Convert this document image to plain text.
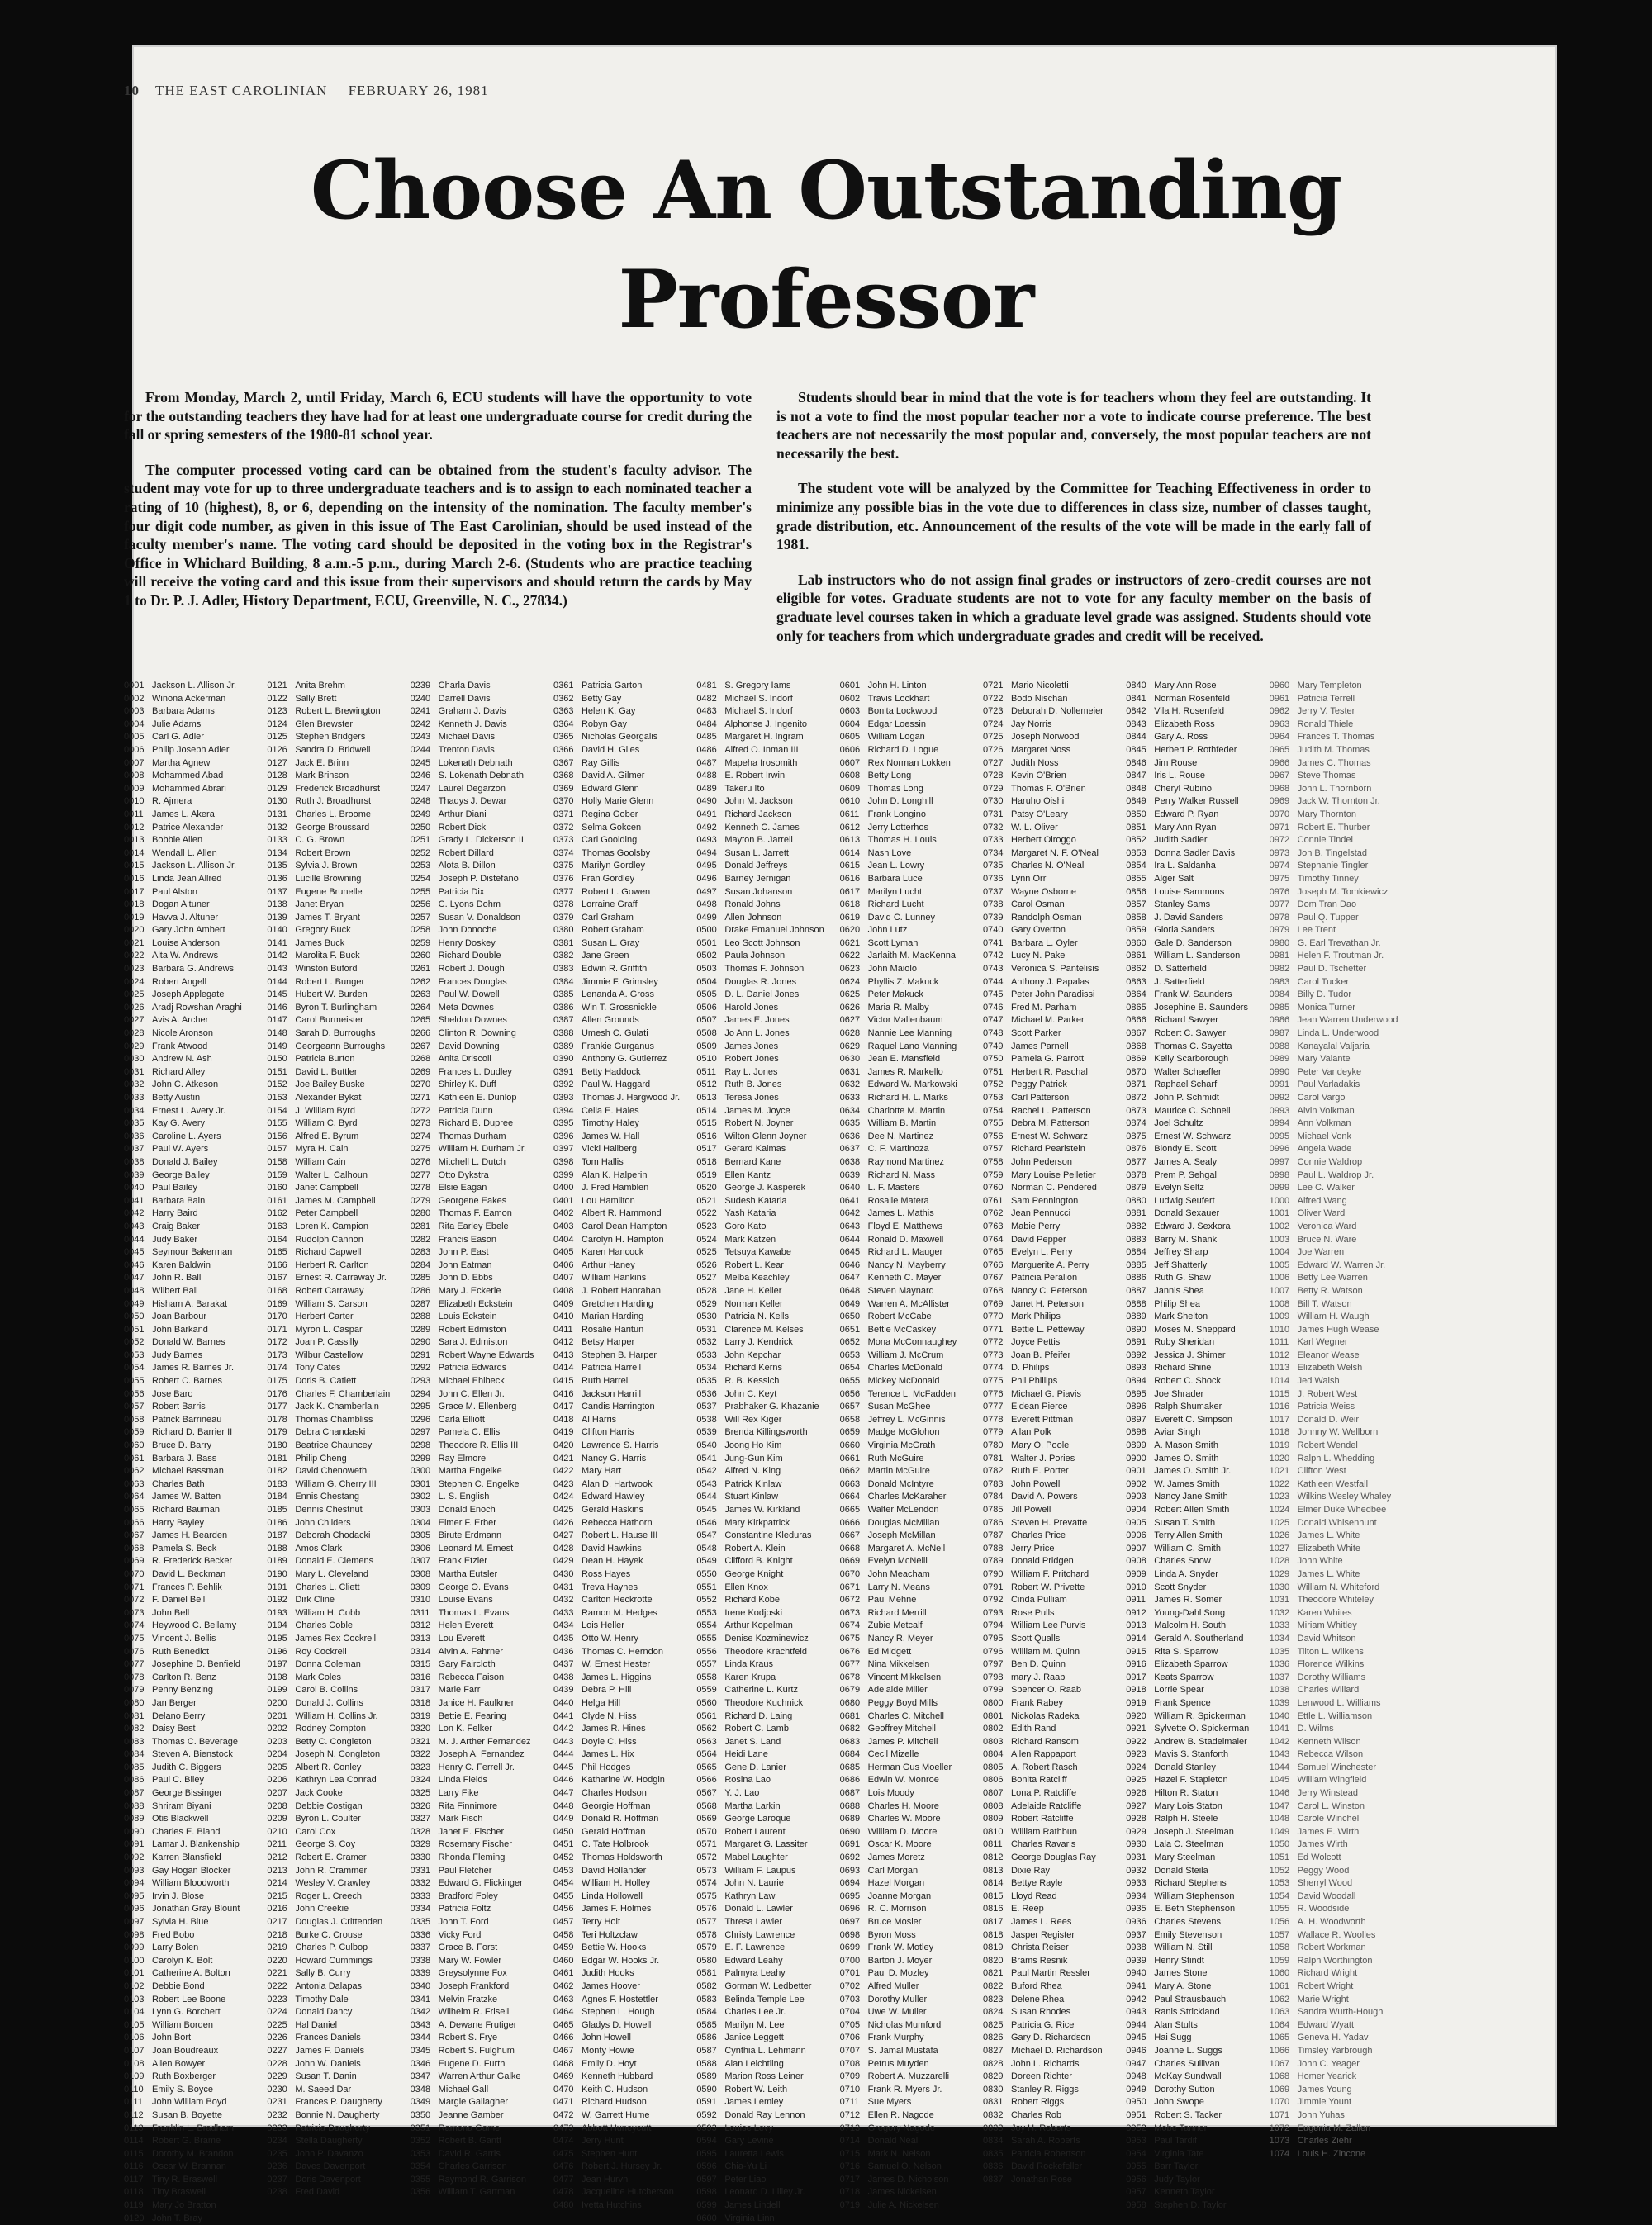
10 THE EAST CAROLINIAN FEBRUARY 26, 1981
Choose An Outstanding
Professor

From Monday, March 2, until Friday, March 6, ECU students will have the opportunity to vote for the outstanding teachers they have had for at least one undergraduate course for credit during the fall or spring semesters of the 1980-81 school year.

The computer processed voting card can be obtained from the student's faculty advisor. The student may vote for up to three undergraduate teachers and is to assign to each nominated teacher a rating of 10 (highest), 8, or 6, depending on the intensity of the nomination. The faculty member's four digit code number, as given in this issue of The East Carolinian, should be used instead of the faculty member's name. The voting card should be deposited in the voting box in the Registrar's Office in Whichard Building, 8 a.m.-5 p.m., during March 2-6. (Students who are practice teaching will receive the voting card and this issue from their supervisors and should return the cards by May 1 to Dr. P. J. Adler, History Department, ECU, Greenville, N. C., 27834.)

Students should bear in mind that the vote is for teachers whom they feel are outstanding. It is not a vote to find the most popular teacher nor a vote to indicate course preference. The best teachers are not necessarily the most popular and, conversely, the most popular teachers are not necessarily the best.

The student vote will be analyzed by the Committee for Teaching Effectiveness in order to minimize any possible bias in the vote due to differences in class size, number of classes taught, grade distribution, etc. Announcement of the results of the vote will be made in the early fall of 1981.

Lab instructors who do not assign final grades or instructors of zero-credit courses are not eligible for votes. Graduate students are not to vote for any faculty member on the basis of graduate level courses taken in which a graduate level grade was assigned. Students should vote only for teachers from which undergraduate grades and credit will be received.

0001 Jackson L. Allison Jr.
0002 Winona Ackerman
0003 Barbara Adams
0004 Julie Adams
0005 Carl G. Adler
0006 Philip Joseph Adler
0007 Martha Agnew
0008 Mohammed Abad
0009 Mohammed Abrari
0010 R. Ajmera
0011 James L. Akera
0012 Patrice Alexander
0013 Bobbie Allen
0014 Wendall L. Allen
0015 Jackson L. Allison Jr.
0016 Linda Jean Allred
0017 Paul Alston
0018 Dogan Altuner
0019 Havva J. Altuner
0020 Gary John Ambert
0021 Louise Anderson
0022 Alta W. Andrews
0023 Barbara G. Andrews
0024 Robert Angell
0025 Joseph Applegate
0026 Aradj Rowshan Araghi
0027 Avis A. Archer
0028 Nicole Aronson
0029 Frank Atwood
0030 Andrew N. Ash
0031 Richard Alley
0032 John C. Atkeson
0033 Betty Austin
0034 Ernest L. Avery Jr.
0035 Kay G. Avery
0036 Caroline L. Ayers
0037 Paul W. Ayers
0038 Donald J. Bailey
0039 George Bailey
0040 Paul Bailey
0041 Barbara Bain
0042 Harry Baird
0043 Craig Baker
0044 Judy Baker
0045 Seymour Bakerman
0046 Karen Baldwin
0047 John R. Ball
0048 Wilbert Ball
0049 Hisham A. Barakat
0050 Joan Barbour
0051 John Barkand
0052 Donald W. Barnes
0053 Judy Barnes
0054 James R. Barnes Jr.
0055 Robert C. Barnes
0056 Jose Baro
0057 Robert Barris
0058 Patrick Barrineau
0059 Richard D. Barrier II
0060 Bruce D. Barry
0061 Barbara J. Bass
0062 Michael Bassman
0063 Charles Bath
0064 James W. Batten
0065 Richard Bauman
0066 Harry Bayley
0067 James H. Bearden
0068 Pamela S. Beck
0069 R. Frederick Becker
0070 David L. Beckman
0071 Frances P. Behlik
0072 F. Daniel Bell
0073 John Bell
0074 Heywood C. Bellamy
0075 Vincent J. Bellis
0076 Ruth Benedict
0077 Josephine D. Benfield
0078 Carlton R. Benz
0079 Penny Benzing
0080 Jan Berger
0081 Delano Berry
0082 Daisy Best
0083 Thomas C. Beverage
0084 Steven A. Bienstock
0085 Judith C. Biggers
0086 Paul C. Biley
0087 George Bissinger
0088 Shriram Biyani
0089 Otis Blackwell
0090 Charles E. Bland
0091 Lamar J. Blankenship
0092 Karren Blansfield
0093 Gay Hogan Blocker
0094 William Bloodworth
0095 Irvin J. Blose
0096 Jonathan Gray Blount
0097 Sylvia H. Blue
0098 Fred Bobo
0099 Larry Bolen
0100 Carolyn K. Bolt
0101 Catherine A. Bolton
0102 Debbie Bond
0103 Robert Lee Boone
0104 Lynn G. Borchert
0105 William Borden
0106 John Bort
0107 Joan Boudreaux
0108 Allen Bowyer
0109 Ruth Boxberger
0110 Emily S. Boyce
0111 John William Boyd
0112 Susan B. Boyette
0113 Franklin L. Bradham
0114 Robert G. Brame
0115 Dorothy M. Brandon
0116 Oscar W. Brannan
0117 Tiny R. Braswell
0118 Tiny Braswell
0119 Mary Jo Bratton
0120 John T. Bray
0121 Anita Brehm
0122 Sally Brett
0123 Robert L. Brewington
0124 Glen Brewster
0125 Stephen Bridgers
0126 Sandra D. Bridwell
0127 Jack E. Brinn
0128 Mark Brinson
0129 Frederick Broadhurst
0130 Ruth J. Broadhurst
0131 Charles L. Broome
0132 George Broussard
0133 C. G. Brown
0134 Robert Brown
0135 Sylvia J. Brown
0136 Lucille Browning
0137 Eugene Brunelle
0138 Janet Bryan
0139 James T. Bryant
0140 Gregory Buck
0141 James Buck
0142 Marolita F. Buck
0143 Winston Buford
0144 Robert L. Bunger
0145 Hubert W. Burden
0146 Byron T. Burlingham
0147 Carol Burmeister
0148 Sarah D. Burroughs
0149 Georgeann Burroughs
0150 Patricia Burton
0151 David L. Buttler
0152 Joe Bailey Buske
0153 Alexander Bykat
0154 J. William Byrd
0155 William C. Byrd
0156 Alfred E. Byrum
0157 Myra H. Cain
0158 William Cain
0159 Walter L. Calhoun
0160 Janet Campbell
0161 James M. Campbell
0162 Peter Campbell
0163 Loren K. Campion
0164 Rudolph Cannon
0165 Richard Capwell
0166 Herbert R. Carlton
0167 Ernest R. Carraway Jr.
0168 Robert Carraway
0169 William S. Carson
0170 Herbert Carter
0171 Myron L. Caspar
0172 Joan P. Cassilly
0173 Wilbur Castellow
0174 Tony Cates
0175 Doris B. Catlett
0176 Charles F. Chamberlain
0177 Jack K. Chamberlain
0178 Thomas Chambliss
0179 Debra Chandaski
0180 Beatrice Chauncey
0181 Philip Cheng
0182 David Chenoweth
0183 William G. Cherry III
0184 Ennis Chestang
0185 Dennis Chestnut
0186 John Childers
0187 Deborah Chodacki
0188 Amos Clark
0189 Donald E. Clemens
0190 Mary L. Cleveland
0191 Charles L. Cliett
0192 Dirk Cline
0193 William H. Cobb
0194 Charles Coble
0195 James Rex Cockrell
0196 Roy Cockrell
0197 Donna Coleman
0198 Mark Coles
0199 Carol B. Collins
0200 Donald J. Collins
0201 William H. Collins Jr.
0202 Rodney Compton
0203 Betty C. Congleton
0204 Joseph N. Congleton
0205 Albert R. Conley
0206 Kathryn Lea Conrad
0207 Jack Cooke
0208 Debbie Costigan
0209 Byron L. Coulter
0210 Carol Cox
0211 George S. Coy
0212 Robert E. Cramer
0213 John R. Crammer
0214 Wesley V. Crawley
0215 Roger L. Creech
0216 John Creekie
0217 Douglas J. Crittenden
0218 Burke C. Crouse
0219 Charles P. Culbop
0220 Howard Cummings
0221 Sally B. Curry
0222 Antonia Dalapas
0223 Timothy Dale
0224 Donald Dancy
0225 Hal Daniel
0226 Frances Daniels
0227 James F. Daniels
0228 John W. Daniels
0229 Susan T. Danin
0230 M. Saeed Dar
0231 Frances P. Daugherty
0232 Bonnie N. Daugherty
0233 Patricia Daugherty
0234 Stella Daugherty
0235 John P. Davanzo
0236 Daves Davenport
0237 Doris Davenport
0238 Fred David
0239 Charla Davis
0240 Darrell Davis
0241 Graham J. Davis
0242 Kenneth J. Davis
0243 Michael Davis
0244 Trenton Davis
0245 Lokenath Debnath
0246 S. Lokenath Debnath
0247 Laurel Degarzon
0248 Thadys J. Dewar
0249 Arthur Diani
0250 Robert Dick
0251 Grady L. Dickerson II
0252 Robert Dillard
0253 Alota B. Dillon
0254 Joseph P. Distefano
0255 Patricia Dix
0256 C. Lyons Dohm
0257 Susan V. Donaldson
0258 John Donoche
0259 Henry Doskey
0260 Richard Double
0261 Robert J. Dough
0262 Frances Douglas
0263 Paul W. Dowell
0264 Meta Downes
0265 Sheldon Downes
0266 Clinton R. Downing
0267 David Downing
0268 Anita Driscoll
0269 Frances L. Dudley
0270 Shirley K. Duff
0271 Kathleen E. Dunlop
0272 Patricia Dunn
0273 Richard B. Dupree
0274 Thomas Durham
0275 William H. Durham Jr.
0276 Mitchell L. Dutch
0277 Otto Dykstra
0278 Elsie Eagan
0279 Georgene Eakes
0280 Thomas F. Eamon
0281 Rita Earley Ebele
0282 Francis Eason
0283 John P. East
0284 John Eatman
0285 John D. Ebbs
0286 Mary J. Eckerle
0287 Elizabeth Eckstein
0288 Louis Eckstein
0289 Robert Edmiston
0290 Sara J. Edmiston
0291 Robert Wayne Edwards
0292 Patricia Edwards
0293 Michael Ehlbeck
0294 John C. Ellen Jr.
0295 Grace M. Ellenberg
0296 Carla Elliott
0297 Pamela C. Ellis
0298 Theodore R. Ellis III
0299 Ray Elmore
0300 Martha Engelke
0301 Stephen C. Engelke
0302 L. S. English
0303 Donald Enoch
0304 Elmer F. Erber
0305 Birute Erdmann
0306 Leonard M. Ernest
0307 Frank Etzler
0308 Martha Eutsler
0309 George O. Evans
0310 Louise Evans
0311 Thomas L. Evans
0312 Helen Everett
0313 Lou Everett
0314 Alvin A. Fahrner
0315 Gary Faircloth
0316 Rebecca Faison
0317 Marie Farr
0318 Janice H. Faulkner
0319 Bettie E. Fearing
0320 Lon K. Felker
0321 M. J. Arther Fernandez
0322 Joseph A. Fernandez
0323 Henry C. Ferrell Jr.
0324 Linda Fields
0325 Larry Fike
0326 Rita Finnimore
0327 Mark Fisch
0328 Janet E. Fischer
0329 Rosemary Fischer
0330 Rhonda Fleming
0331 Paul Fletcher
0332 Edward G. Flickinger
0333 Bradford Foley
0334 Patricia Foltz
0335 John T. Ford
0336 Vicky Ford
0337 Grace B. Forst
0338 Mary W. Fowler
0339 Greysolynne Fox
0340 Joseph Frankford
0341 Melvin Fratzke
0342 Wilhelm R. Frisell
0343 A. Dewane Frutiger
0344 Robert S. Frye
0345 Robert S. Fulghum
0346 Eugene D. Furth
0347 Warren Arthur Galke
0348 Michael Gall
0349 Margie Gallagher
0350 Jeanne Gamber
0351 Ramona Game
0352 Robert B. Gantt
0353 David R. Garris
0354 Charles Garrison
0355 Raymond R. Garrison
0356 William T. Gartman
0361 Patricia Garton
0362 Betty Gay
0363 Helen K. Gay
0364 Robyn Gay
0365 Nicholas Georgalis
0366 David H. Giles
0367 Ray Gillis
0368 David A. Gilmer
0369 Edward Glenn
0370 Holly Marie Glenn
0371 Regina Gober
0372 Selma Gokcen
0373 Carl Goolding
0374 Thomas Goolsby
0375 Marilyn Gordley
0376 Fran Gordley
0377 Robert L. Gowen
0378 Lorraine Graff
0379 Carl Graham
0380 Robert Graham
0381 Susan L. Gray
0382 Jane Green
0383 Edwin R. Griffith
0384 Jimmie F. Grimsley
0385 Lenanda A. Gross
0386 Win T. Grossnickle
0387 Allen Grounds
0388 Umesh C. Gulati
0389 Frankie Gurganus
0390 Anthony G. Gutierrez
0391 Betty Haddock
0392 Paul W. Haggard
0393 Thomas J. Hargwood Jr.
0394 Celia E. Hales
0395 Timothy Haley
0396 James W. Hall
0397 Vicki Hallberg
0398 Tom Hallis
0399 Alan K. Halperin
0400 J. Fred Hamblen
0401 Lou Hamilton
0402 Albert R. Hammond
0403 Carol Dean Hampton
0404 Carolyn H. Hampton
0405 Karen Hancock
0406 Arthur Haney
0407 William Hankins
0408 J. Robert Hanrahan
0409 Gretchen Harding
0410 Marian Harding
0411 Rosalie Haritun
0412 Betsy Harper
0413 Stephen B. Harper
0414 Patricia Harrell
0415 Ruth Harrell
0416 Jackson Harrill
0417 Candis Harrington
0418 Al Harris
0419 Clifton Harris
0420 Lawrence S. Harris
0421 Nancy G. Harris
0422 Mary Hart
0423 Alan D. Hartwook
0424 Edward Hawley
0425 Gerald Haskins
0426 Rebecca Hathorn
0427 Robert L. Hause III
0428 David Hawkins
0429 Dean H. Hayek
0430 Ross Hayes
0431 Treva Haynes
0432 Carlton Heckrotte
0433 Ramon M. Hedges
0434 Lois Heller
0435 Otto W. Henry
0436 Thomas C. Herndon
0437 W. Ernest Hester
0438 James L. Higgins
0439 Debra P. Hill
0440 Helga Hill
0441 Clyde N. Hiss
0442 James R. Hines
0443 Doyle C. Hiss
0444 James L. Hix
0445 Phil Hodges
0446 Katharine W. Hodgin
0447 Charles Hodson
0448 Georgie Hoffman
0449 Donald R. Hoffman
0450 Gerald Hoffman
0451 C. Tate Holbrook
0452 Thomas Holdsworth
0453 David Hollander
0454 William H. Holley
0455 Linda Hollowell
0456 James F. Holmes
0457 Terry Holt
0458 Teri Holtzclaw
0459 Bettie W. Hooks
0460 Edgar W. Hooks Jr.
0461 Judith Hooks
0462 James Hoover
0463 Agnes F. Hostettler
0464 Stephen L. Hough
0465 Gladys D. Howell
0466 John Howell
0467 Monty Howie
0468 Emily D. Hoyt
0469 Kenneth Hubbard
0470 Keith C. Hudson
0471 Richard Hudson
0472 W. Garrett Hume
0473 Abbott Huneycutt
0474 Jerry Hunt
0475 Stephen Hunt
0476 Robert J. Hursey Jr.
0477 Jean Hurvn
0478 Jacqueline Hutcherson
0480 Ivetta Hutchins
0481 S. Gregory Iams
0482 Michael S. Indorf
0483 Michael S. Indorf
0484 Alphonse J. Ingenito
0485 Margaret H. Ingram
0486 Alfred O. Inman III
0487 Mapeha Irosomith
0488 E. Robert Irwin
0489 Takeru Ito
0490 John M. Jackson
0491 Richard Jackson
0492 Kenneth C. James
0493 Mayton B. Jarrell
0494 Susan L. Jarrett
0495 Donald Jeffreys
0496 Barney Jernigan
0497 Susan Johanson
0498 Ronald Johns
0499 Allen Johnson
0500 Drake Emanuel Johnson
0501 Leo Scott Johnson
0502 Paula Johnson
0503 Thomas F. Johnson
0504 Douglas R. Jones
0505 D. L. Daniel Jones
0506 Harold Jones
0507 James E. Jones
0508 Jo Ann L. Jones
0509 James Jones
0510 Robert Jones
0511 Ray L. Jones
0512 Ruth B. Jones
0513 Teresa Jones
0514 James M. Joyce
0515 Robert N. Joyner
0516 Wilton Glenn Joyner
0517 Gerard Kalmas
0518 Bernard Kane
0519 Ellen Kantz
0520 George J. Kasperek
0521 Sudesh Kataria
0522 Yash Kataria
0523 Goro Kato
0524 Mark Katzen
0525 Tetsuya Kawabe
0526 Robert L. Kear
0527 Melba Keachley
0528 Jane H. Keller
0529 Norman Keller
0530 Patricia N. Kells
0531 Clarence M. Kelses
0532 Larry J. Kendrick
0533 John Kepchar
0534 Richard Kerns
0535 R. B. Kessich
0536 John C. Keyt
0537 Prabhaker G. Khazanie
0538 Will Rex Kiger
0539 Brenda Killingsworth
0540 Joong Ho Kim
0541 Jung-Gun Kim
0542 Alfred N. King
0543 Patrick Kinlaw
0544 Stuart Kinlaw
0545 James W. Kirkland
0546 Mary Kirkpatrick
0547 Constantine Kleduras
0548 Robert A. Klein
0549 Clifford B. Knight
0550 George Knight
0551 Ellen Knox
0552 Richard Kobe
0553 Irene Kodjoski
0554 Arthur Kopelman
0555 Denise Kozminewicz
0556 Theodore Krachtfeld
0557 Linda Kraus
0558 Karen Krupa
0559 Catherine L. Kurtz
0560 Theodore Kuchnick
0561 Richard D. Laing
0562 Robert C. Lamb
0563 Janet S. Land
0564 Heidi Lane
0565 Gene D. Lanier
0566 Rosina Lao
0567 Y. J. Lao
0568 Martha Larkin
0569 George Laroque
0570 Robert Laurent
0571 Margaret G. Lassiter
0572 Mabel Laughter
0573 William F. Laupus
0574 John N. Laurie
0575 Kathryn Law
0576 Donald L. Lawler
0577 Thresa Lawler
0578 Christy Lawrence
0579 E. F. Lawrence
0580 Edward Leahy
0581 Palmyra Leahy
0582 Gorman W. Ledbetter
0583 Belinda Temple Lee
0584 Charles Lee Jr.
0585 Marilyn M. Lee
0586 Janice Leggett
0587 Cynthia L. Lehmann
0588 Alan Leichtling
0589 Marion Ross Leiner
0590 Robert W. Leith
0591 James Lemley
0592 Donald Ray Lennon
0593 Louise Levy
0594 Gary Levine
0595 Lauretta Lewis
0596 Chia-Yu Li
0597 Peter Liao
0598 Leonard D. Lilley Jr.
0599 James Lindell
0600 Virginia Linn
0601 John H. Linton
0602 Travis Lockhart
0603 Bonita Lockwood
0604 Edgar Loessin
0605 William Logan
0606 Richard D. Logue
0607 Rex Norman Lokken
0608 Betty Long
0609 Thomas Long
0610 John D. Longhill
0611 Frank Longino
0612 Jerry Lotterhos
0613 Thomas H. Louis
0614 Nash Love
0615 Jean L. Lowry
0616 Barbara Luce
0617 Marilyn Lucht
0618 Richard Lucht
0619 David C. Lunney
0620 John Lutz
0621 Scott Lyman
0622 Jarlaith M. MacKenna
0623 John Maiolo
0624 Phyllis Z. Makuck
0625 Peter Makuck
0626 Maria R. Malby
0627 Victor Mallenbaum
0628 Nannie Lee Manning
0629 Raquel Lano Manning
0630 Jean E. Mansfield
0631 James R. Markello
0632 Edward W. Markowski
0633 Richard H. L. Marks
0634 Charlotte M. Martin
0635 William B. Martin
0636 Dee N. Martinez
0637 C. F. Martinoza
0638 Raymond Martinez
0639 Richard N. Mass
0640 L. F. Masters
0641 Rosalie Matera
0642 James L. Mathis
0643 Floyd E. Matthews
0644 Ronald D. Maxwell
0645 Richard L. Mauger
0646 Nancy N. Mayberry
0647 Kenneth C. Mayer
0648 Steven Maynard
0649 Warren A. McAllister
0650 Robert McCabe
0651 Bettie McCaskey
0652 Mona McConnaughey
0653 William J. McCrum
0654 Charles McDonald
0655 Mickey McDonald
0656 Terence L. McFadden
0657 Susan McGhee
0658 Jeffrey L. McGinnis
0659 Madge McGlohon
0660 Virginia McGrath
0661 Ruth McGuire
0662 Martin McGuire
0663 Donald McIntyre
0664 Charles McKaraher
0665 Walter McLendon
0666 Douglas McMillan
0667 Joseph McMillan
0668 Margaret A. McNeil
0669 Evelyn McNeill
0670 John Meacham
0671 Larry N. Means
0672 Paul Mehne
0673 Richard Merrill
0674 Zubie Metcalf
0675 Nancy R. Meyer
0676 Ed Midgett
0677 Nina Mikkelsen
0678 Vincent Mikkelsen
0679 Adelaide Miller
0680 Peggy Boyd Mills
0681 Charles C. Mitchell
0682 Geoffrey Mitchell
0683 James P. Mitchell
0684 Cecil Mizelle
0685 Herman Gus Moeller
0686 Edwin W. Monroe
0687 Lois Moody
0688 Charles H. Moore
0689 Charles W. Moore
0690 William D. Moore
0691 Oscar K. Moore
0692 James Moretz
0693 Carl Morgan
0694 Hazel Morgan
0695 Joanne Morgan
0696 R. C. Morrison
0697 Bruce Mosier
0698 Byron Moss
0699 Frank W. Motley
0700 Barton J. Moyer
0701 Paul D. Mozley
0702 Alfred Muller
0703 Dorothy Muller
0704 Uwe W. Muller
0705 Nicholas Mumford
0706 Frank Murphy
0707 S. Jamal Mustafa
0708 Petrus Muyden
0709 Robert A. Muzzarelli
0710 Frank R. Myers Jr.
0711 Sue Myers
0712 Ellen R. Nagode
0713 Gregory Nagode
0714 Donald Neal
0715 Mark N. Nelson
0716 Samuel O. Nelson
0717 James D. Nicholson
0718 James Nickelsen
0719 Julie A. Nickelsen
0721 Mario Nicoletti
0722 Bodo Nischan
0723 Deborah D. Nollemeier
0724 Jay Norris
0725 Joseph Norwood
0726 Margaret Noss
0727 Judith Noss
0728 Kevin O'Brien
0729 Thomas F. O'Brien
0730 Haruho Oishi
0731 Patsy O'Leary
0732 W. L. Oliver
0733 Herbert Olroggo
0734 Margaret N. F. O'Neal
0735 Charles N. O'Neal
0736 Lynn Orr
0737 Wayne Osborne
0738 Carol Osman
0739 Randolph Osman
0740 Gary Overton
0741 Barbara L. Oyler
0742 Lucy N. Pake
0743 Veronica S. Pantelisis
0744 Anthony J. Papalas
0745 Peter John Paradissi
0746 Fred M. Parham
0747 Michael M. Parker
0748 Scott Parker
0749 James Parnell
0750 Pamela G. Parrott
0751 Herbert R. Paschal
0752 Peggy Patrick
0753 Carl Patterson
0754 Rachel L. Patterson
0755 Debra M. Patterson
0756 Ernest W. Schwarz
0757 Richard Pearlstein
0758 John Pederson
0759 Mary Louise Pelletier
0760 Norman C. Pendered
0761 Sam Pennington
0762 Jean Pennucci
0763 Mabie Perry
0764 David Pepper
0765 Evelyn L. Perry
0766 Marguerite A. Perry
0767 Patricia Peralion
0768 Nancy C. Peterson
0769 Janet H. Peterson
0770 Mark Philips
0771 Bettie L. Petteway
0772 Joyce Pettis
0773 Joan B. Pfeifer
0774 D. Philips
0775 Phil Phillips
0776 Michael G. Piavis
0777 Eldean Pierce
0778 Everett Pittman
0779 Allan Polk
0780 Mary O. Poole
0781 Walter J. Pories
0782 Ruth E. Porter
0783 John Powell
0784 David A. Powers
0785 Jill Powell
0786 Steven H. Prevatte
0787 Charles Price
0788 Jerry Price
0789 Donald Pridgen
0790 William F. Pritchard
0791 Robert W. Privette
0792 Cinda Pulliam
0793 Rose Pulls
0794 William Lee Purvis
0795 Scott Qualls
0796 William M. Quinn
0797 Ben D. Quinn
0798 mary J. Raab
0799 Spencer O. Raab
0800 Frank Rabey
0801 Nickolas Radeka
0802 Edith Rand
0803 Richard Ransom
0804 Allen Rappaport
0805 A. Robert Rasch
0806 Bonita Ratcliff
0807 Lona P. Ratcliffe
0808 Adelaide Ratcliffe
0809 Robert Ratcliffe
0810 William Rathbun
0811 Charles Ravaris
0812 George Douglas Ray
0813 Dixie Ray
0814 Bettye Rayle
0815 Lloyd Read
0816 E. Reep
0817 James L. Rees
0818 Jasper Register
0819 Christa Reiser
0820 Brams Resnik
0821 Paul Martin Ressler
0822 Buford Rhea
0823 Delene Rhea
0824 Susan Rhodes
0825 Patricia G. Rice
0826 Gary D. Richardson
0827 Michael D. Richardson
0828 John L. Richards
0829 Doreen Richter
0830 Stanley R. Riggs
0831 Robert Riggs
0832 Charles Rob
0833 Joy H. Roberts
0834 Sarah A. Roberts
0835 Patricia Robertson
0836 David Rockefeller
0837 Jonathan Rose
0840 Mary Ann Rose
0841 Norman Rosenfeld
0842 Vila H. Rosenfeld
0843 Elizabeth Ross
0844 Gary A. Ross
0845 Herbert P. Rothfeder
0846 Jim Rouse
0847 Iris L. Rouse
0848 Cheryl Rubino
0849 Perry Walker Russell
0850 Edward P. Ryan
0851 Mary Ann Ryan
0852 Judith Sadler
0853 Donna Sadler Davis
0854 Ira L. Saldanha
0855 Alger Salt
0856 Louise Sammons
0857 Stanley Sams
0858 J. David Sanders
0859 Gloria Sanders
0860 Gale D. Sanderson
0861 William L. Sanderson
0862 D. Satterfield
0863 J. Satterfield
0864 Frank W. Saunders
0865 Josephine B. Saunders
0866 Richard Sawyer
0867 Robert C. Sawyer
0868 Thomas C. Sayetta
0869 Kelly Scarborough
0870 Walter Schaeffer
0871 Raphael Scharf
0872 John P. Schmidt
0873 Maurice C. Schnell
0874 Joel Schultz
0875 Ernest W. Schwarz
0876 Blondy E. Scott
0877 James A. Sealy
0878 Prem P. Sehgal
0879 Evelyn Seltz
0880 Ludwig Seufert
0881 Donald Sexauer
0882 Edward J. Sexkora
0883 Barry M. Shank
0884 Jeffrey Sharp
0885 Jeff Shatterly
0886 Ruth G. Shaw
0887 Jannis Shea
0888 Philip Shea
0889 Mark Shelton
0890 Moses M. Sheppard
0891 Ruby Sheridan
0892 Jessica J. Shimer
0893 Richard Shine
0894 Robert C. Shock
0895 Joe Shrader
0896 Ralph Shumaker
0897 Everett C. Simpson
0898 Aviar Singh
0899 A. Mason Smith
0900 James O. Smith
0901 James O. Smith Jr.
0902 W. James Smith
0903 Nancy Jane Smith
0904 Robert Allen Smith
0905 Susan T. Smith
0906 Terry Allen Smith
0907 William C. Smith
0908 Charles Snow
0909 Linda A. Snyder
0910 Scott Snyder
0911 James R. Somer
0912 Young-Dahl Song
0913 Malcolm H. South
0914 Gerald A. Southerland
0915 Rita S. Sparrow
0916 Elizabeth Sparrow
0917 Keats Sparrow
0918 Lorrie Spear
0919 Frank Spence
0920 William R. Spickerman
0921 Sylvette O. Spickerman
0922 Andrew B. Stadelmaier
0923 Mavis S. Stanforth
0924 Donald Stanley
0925 Hazel F. Stapleton
0926 Hilton R. Staton
0927 Mary Lois Staton
0928 Ralph H. Steele
0929 Joseph J. Steelman
0930 Lala C. Steelman
0931 Mary Steelman
0932 Donald Steila
0933 Richard Stephens
0934 William Stephenson
0935 E. Beth Stephenson
0936 Charles Stevens
0937 Emily Stevenson
0938 William N. Still
0939 Henry Stindt
0940 James Stone
0941 Mary A. Stone
0942 Paul Strausbauch
0943 Ranis Strickland
0944 Alan Stults
0945 Hai Sugg
0946 Joanne L. Suggs
0947 Charles Sullivan
0948 McKay Sundwall
0949 Dorothy Sutton
0950 John Swope
0951 Robert S. Tacker
0952 Mobe Tanner
0953 Paul Tardif
0954 Virginia Tate
0955 Barr Taylor
0956 Judy Taylor
0957 Kenneth Taylor
0958 Stephen D. Taylor
0960 Mary Templeton
0961 Patricia Terrell
0962 Jerry V. Tester
0963 Ronald Thiele
0964 Frances T. Thomas
0965 Judith M. Thomas
0966 James C. Thomas
0967 Steve Thomas
0968 John L. Thornborn
0969 Jack W. Thornton Jr.
0970 Mary Thornton
0971 Robert E. Thurber
0972 Connie Tindel
0973 Jon B. Tingelstad
0974 Stephanie Tingler
0975 Timothy Tinney
0976 Joseph M. Tomkiewicz
0977 Dom Tran Dao
0978 Paul Q. Tupper
0979 Lee Trent
0980 G. Earl Trevathan Jr.
0981 Helen F. Troutman Jr.
0982 Paul D. Tschetter
0983 Carol Tucker
0984 Billy D. Tudor
0985 Monica Turner
0986 Jean Warren Underwood
0987 Linda L. Underwood
0988 Kanayalal Valjaria
0989 Mary Valante
0990 Peter Vandeyke
0991 Paul Varladakis
0992 Carol Vargo
0993 Alvin Volkman
0994 Ann Volkman
0995 Michael Vonk
0996 Angela Wade
0997 Connie Waldrop
0998 Paul L. Waldrop Jr.
0999 Lee C. Walker
1000 Alfred Wang
1001 Oliver Ward
1002 Veronica Ward
1003 Bruce N. Ware
1004 Joe Warren
1005 Edward W. Warren Jr.
1006 Betty Lee Warren
1007 Betty R. Watson
1008 Bill T. Watson
1009 William H. Waugh
1010 James Hugh Wease
1011 Karl Wegner
1012 Eleanor Wease
1013 Elizabeth Welsh
1014 Jed Walsh
1015 J. Robert West
1016 Patricia Weiss
1017 Donald D. Weir
1018 Johnny W. Wellborn
1019 Robert Wendel
1020 Ralph L. Whedding
1021 Clifton West
1022 Kathleen Westfall
1023 Wilkins Wesley Whaley
1024 Elmer Duke Whedbee
1025 Donald Whisenhunt
1026 James L. White
1027 Elizabeth White
1028 John White
1029 James L. White
1030 William N. Whiteford
1031 Theodore Whiteley
1032 Karen Whites
1033 Miriam Whitley
1034 David Whitson
1035 Tilton L. Wilkens
1036 Florence Wilkins
1037 Dorothy Williams
1038 Charles Willard
1039 Lenwood L. Williams
1040 Ettle L. Williamson
1041 D. Wilms
1042 Kenneth Wilson
1043 Rebecca Wilson
1044 Samuel Winchester
1045 William Wingfield
1046 Jerry Winstead
1047 Carol L. Winston
1048 Carole Winchell
1049 James E. Wirth
1050 James Wirth
1051 Ed Wolcott
1052 Peggy Wood
1053 Sherryl Wood
1054 David Woodall
1055 R. Woodside
1056 A. H. Woodworth
1057 Wallace R. Woolles
1058 Robert Workman
1059 Ralph Worthington
1060 Richard Wright
1061 Robert Wright
1062 Marie Wright
1063 Sandra Wurth-Hough
1064 Edward Wyatt
1065 Geneva H. Yadav
1066 Timsley Yarbrough
1067 John C. Yeager
1068 Homer Yearick
1069 James Young
1070 Jimmie Yount
1071 John Yuhas
1072 Eugenia M. Zallen
1073 Charles Ziehr
1074 Louis H. Zincone
